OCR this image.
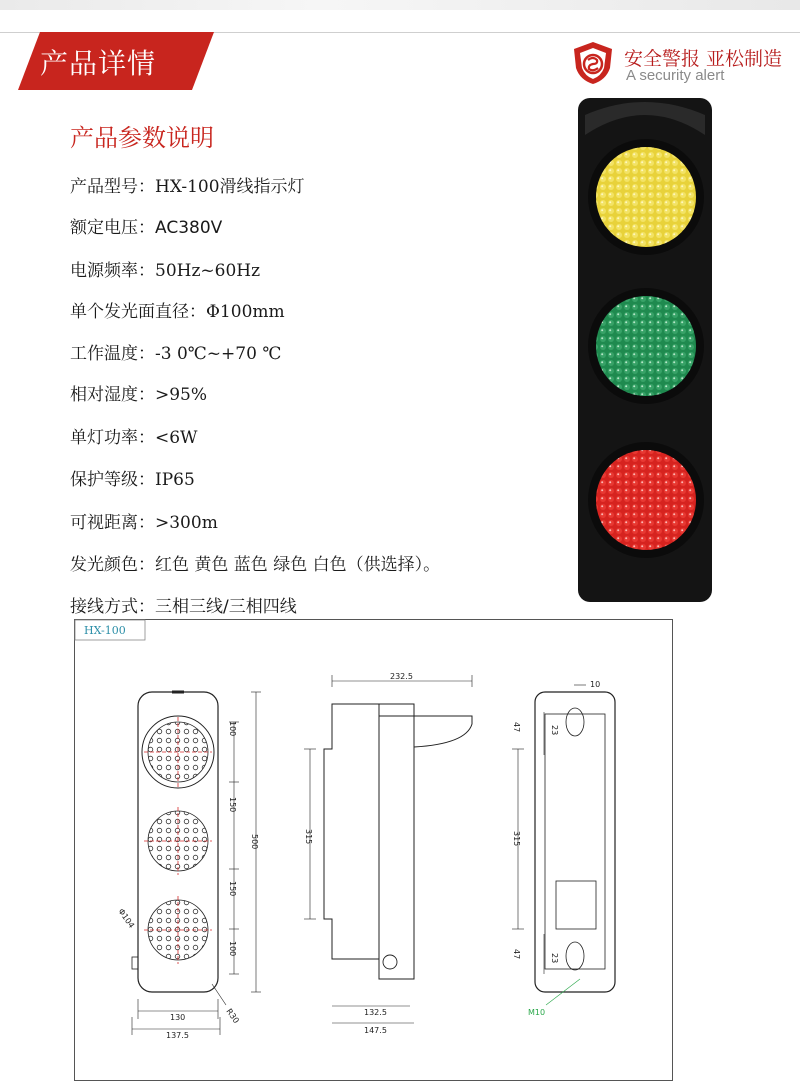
产品详情	安全警报 亚松制造
A security alert
产品参数说明
产品型号：HX-100滑线指示灯
额定电压：AC380V
电源频率：50Hz~60Hz
单个发光面直径：Φ100mm
工作温度：-3 0℃~+70 ℃
相对湿度：>95%
单灯功率：<6W
保护等级：IP65
可视距离：>300m
发光颜色：红色 黄色 蓝色 绿色 白色（供选择）。
接线方式：三相三线/三相四线
HX-100
100
150
500
150
100
130
137.5
Φ104
R30
232.5
315
132.5
147.5
10
47	23
315
47	23
M10
